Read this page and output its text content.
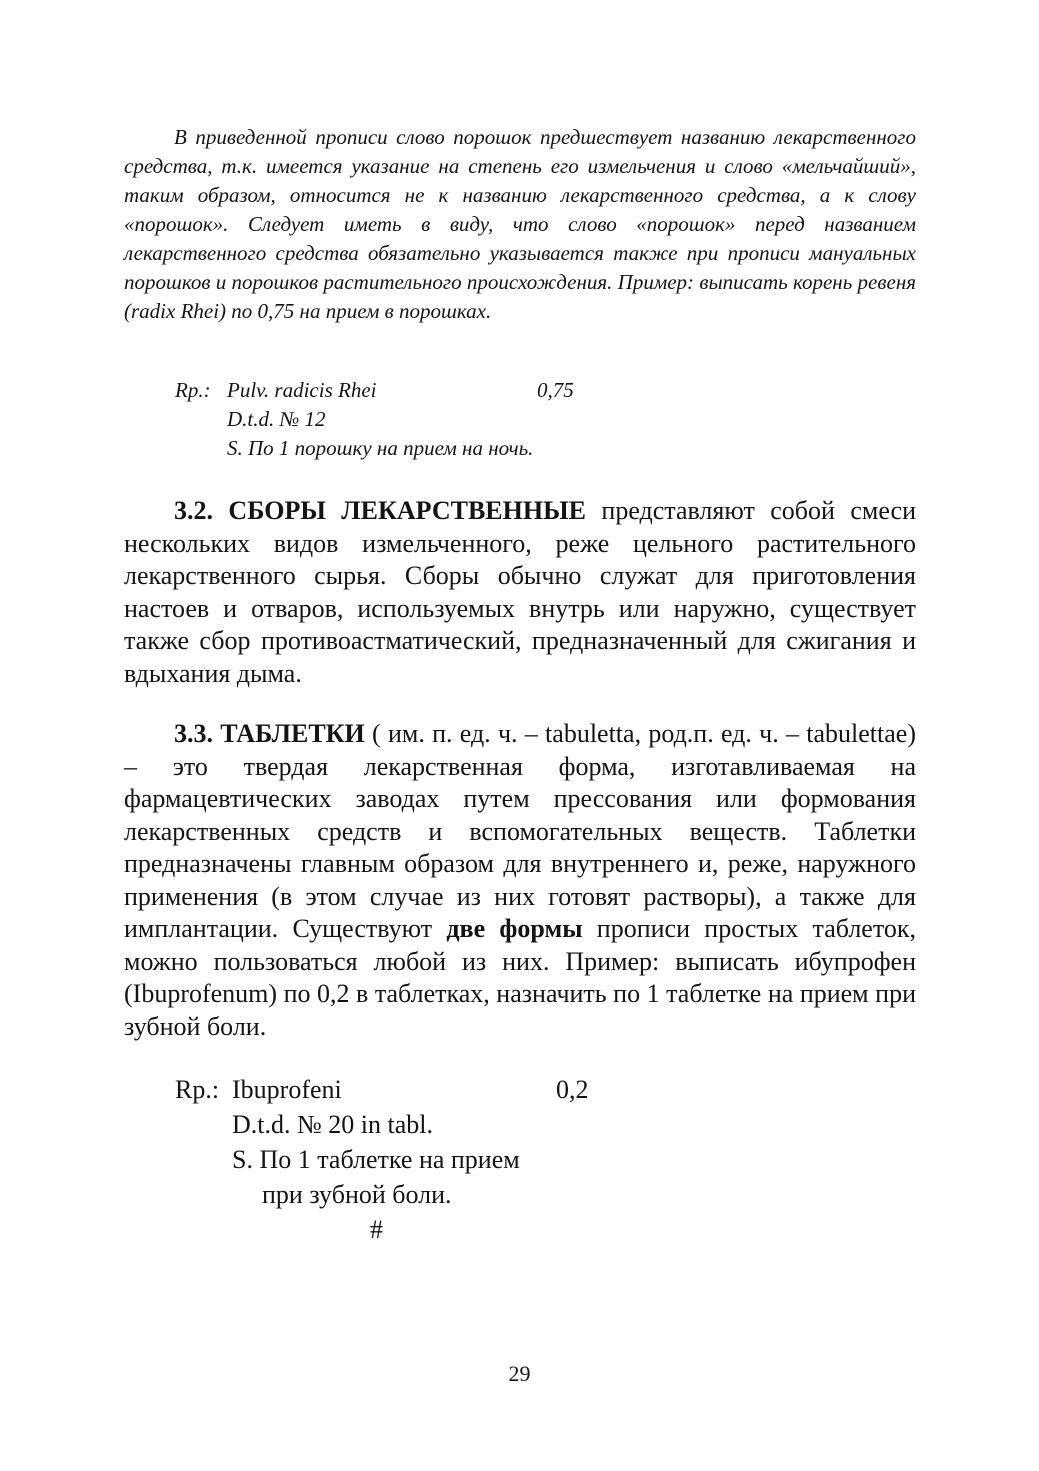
В приведенной прописи слово порошок предшествует названию лекарственного средства, т.к. имеется указание на степень его измельчения и слово «мельчайший», таким образом, относится не к названию лекарственного средства, а к слову «порошок». Следует иметь в виду, что слово «порошок» перед названием лекарственного средства обязательно указывается также при прописи мануальных порошков и порошков растительного происхождения. Пример: выписать корень ревеня (radix Rhei) по 0,75 на прием в порошках.

Rp.: Pulv. radicis Rhei	0,75
D.t.d. № 12
S. По 1 порошку на прием на ночь.

3.2. СБОРЫ ЛЕКАРСТВЕННЫЕ представляют собой смеси нескольких видов измельченного, реже цельного растительного лекарственного сырья. Сборы обычно служат для приготовления настоев и отваров, используемых внутрь или наружно, существует также сбор противоастматический, предназначенный для сжигания и вдыхания дыма.

3.3. ТАБЛЕТКИ ( им. п. ед. ч. – tabuletta, род.п. ед. ч. – tabulettae) – это твердая лекарственная форма, изготавливаемая на фармацевтических заводах путем прессования или формования лекарственных средств и вспомогательных веществ. Таблетки предназначены главным образом для внутреннего и, реже, наружного применения (в этом случае из них готовят растворы), а также для имплантации. Существуют две формы прописи простых таблеток, можно пользоваться любой из них. Пример: выписать ибупрофен (Ibuprofenum) по 0,2 в таблетках, назначить по 1 таблетке на прием при зубной боли.

Rp.: Ibuprofeni	0,2
D.t.d. № 20 in tabl.
S. По 1 таблетке на прием
при зубной боли.
#
29
